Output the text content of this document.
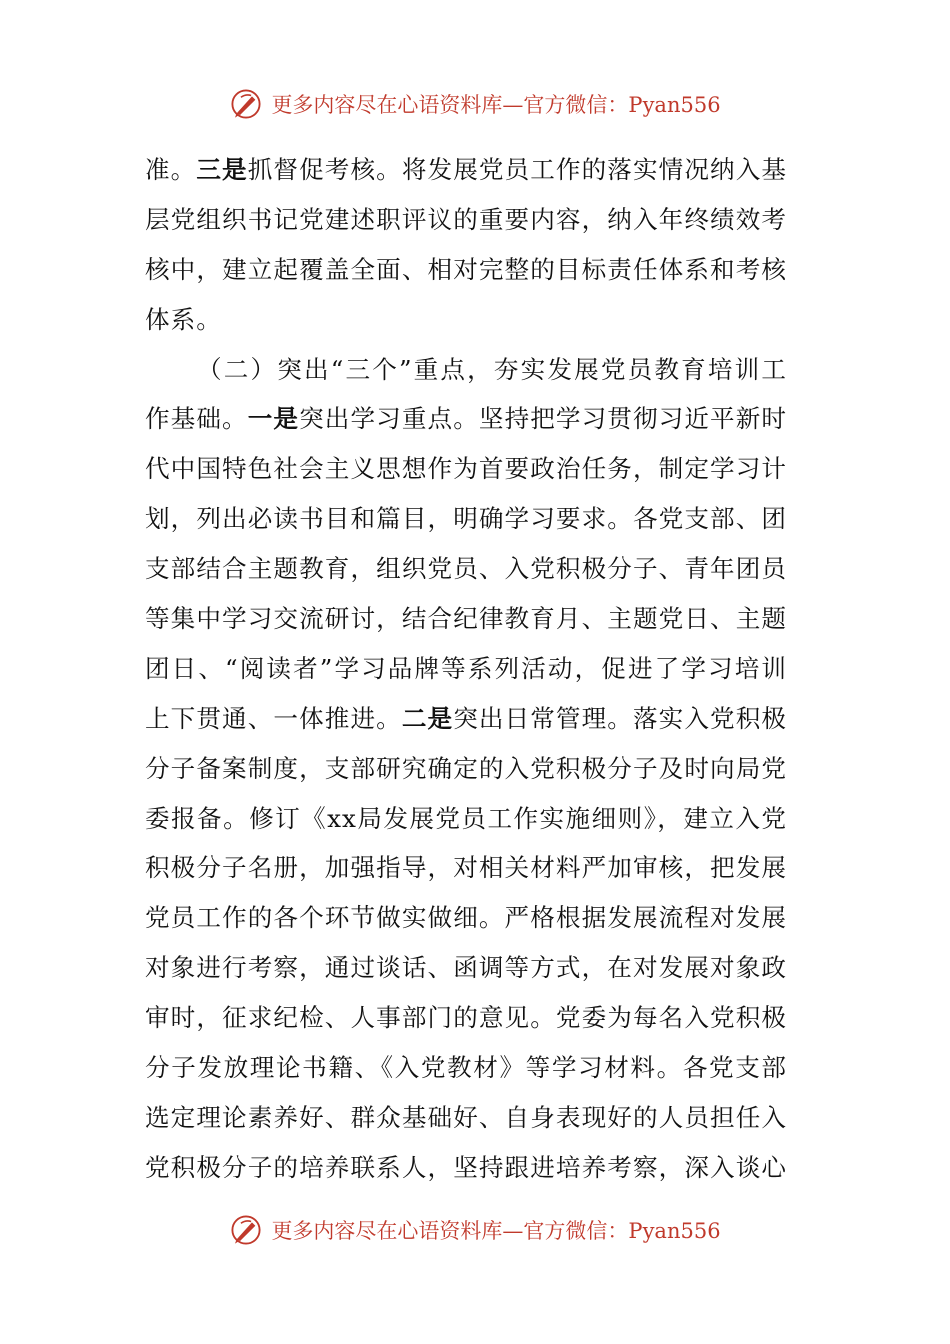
更多内容尽在心语资料库—官方微信：Pyan556
准。三是抓督促考核。将发展党员工作的落实情况纳入基
层党组织书记党建述职评议的重要内容，纳入年终绩效考
核中，建立起覆盖全面、相对完整的目标责任体系和考核
体系。
（二）突出“三个”重点，夯实发展党员教育培训工
作基础。一是突出学习重点。坚持把学习贯彻习近平新时
代中国特色社会主义思想作为首要政治任务，制定学习计
划，列出必读书目和篇目，明确学习要求。各党支部、团
支部结合主题教育，组织党员、入党积极分子、青年团员
等集中学习交流研讨，结合纪律教育月、主题党日、主题
团日、“阅读者”学习品牌等系列活动，促进了学习培训
上下贯通、一体推进。二是突出日常管理。落实入党积极
分子备案制度，支部研究确定的入党积极分子及时向局党
委报备。修订《xx局发展党员工作实施细则》，建立入党
积极分子名册，加强指导，对相关材料严加审核，把发展
党员工作的各个环节做实做细。严格根据发展流程对发展
对象进行考察，通过谈话、函调等方式，在对发展对象政
审时，征求纪检、人事部门的意见。党委为每名入党积极
分子发放理论书籍、《入党教材》等学习材料。各党支部
选定理论素养好、群众基础好、自身表现好的人员担任入
党积极分子的培养联系人，坚持跟进培养考察，深入谈心
更多内容尽在心语资料库—官方微信：Pyan556
